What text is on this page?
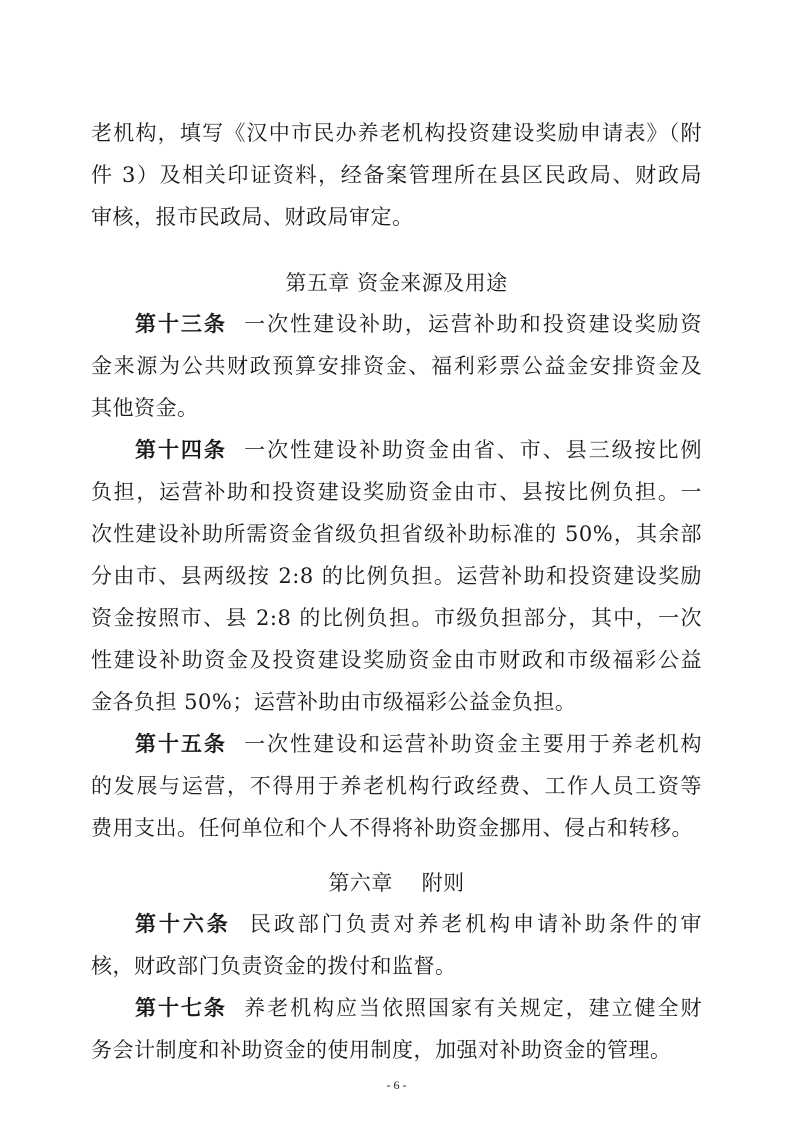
老机构，填写《汉中市民办养老机构投资建设奖励申请表》（附
件 3）及相关印证资料，经备案管理所在县区民政局、财政局
审核，报市民政局、财政局审定。
第五章 资金来源及用途
第十三条 一次性建设补助，运营补助和投资建设奖励资
金来源为公共财政预算安排资金、福利彩票公益金安排资金及
其他资金。
第十四条 一次性建设补助资金由省、市、县三级按比例
负担，运营补助和投资建设奖励资金由市、县按比例负担。一
次性建设补助所需资金省级负担省级补助标准的 50%，其余部
分由市、县两级按 2:8 的比例负担。运营补助和投资建设奖励
资金按照市、县 2:8 的比例负担。市级负担部分，其中，一次
性建设补助资金及投资建设奖励资金由市财政和市级福彩公益
金各负担 50%；运营补助由市级福彩公益金负担。
第十五条 一次性建设和运营补助资金主要用于养老机构
的发展与运营，不得用于养老机构行政经费、工作人员工资等
费用支出。任何单位和个人不得将补助资金挪用、侵占和转移。
第六章    附则
第十六条 民政部门负责对养老机构申请补助条件的审
核，财政部门负责资金的拨付和监督。
第十七条 养老机构应当依照国家有关规定，建立健全财
- 6 -
务会计制度和补助资金的使用制度，加强对补助资金的管理。
